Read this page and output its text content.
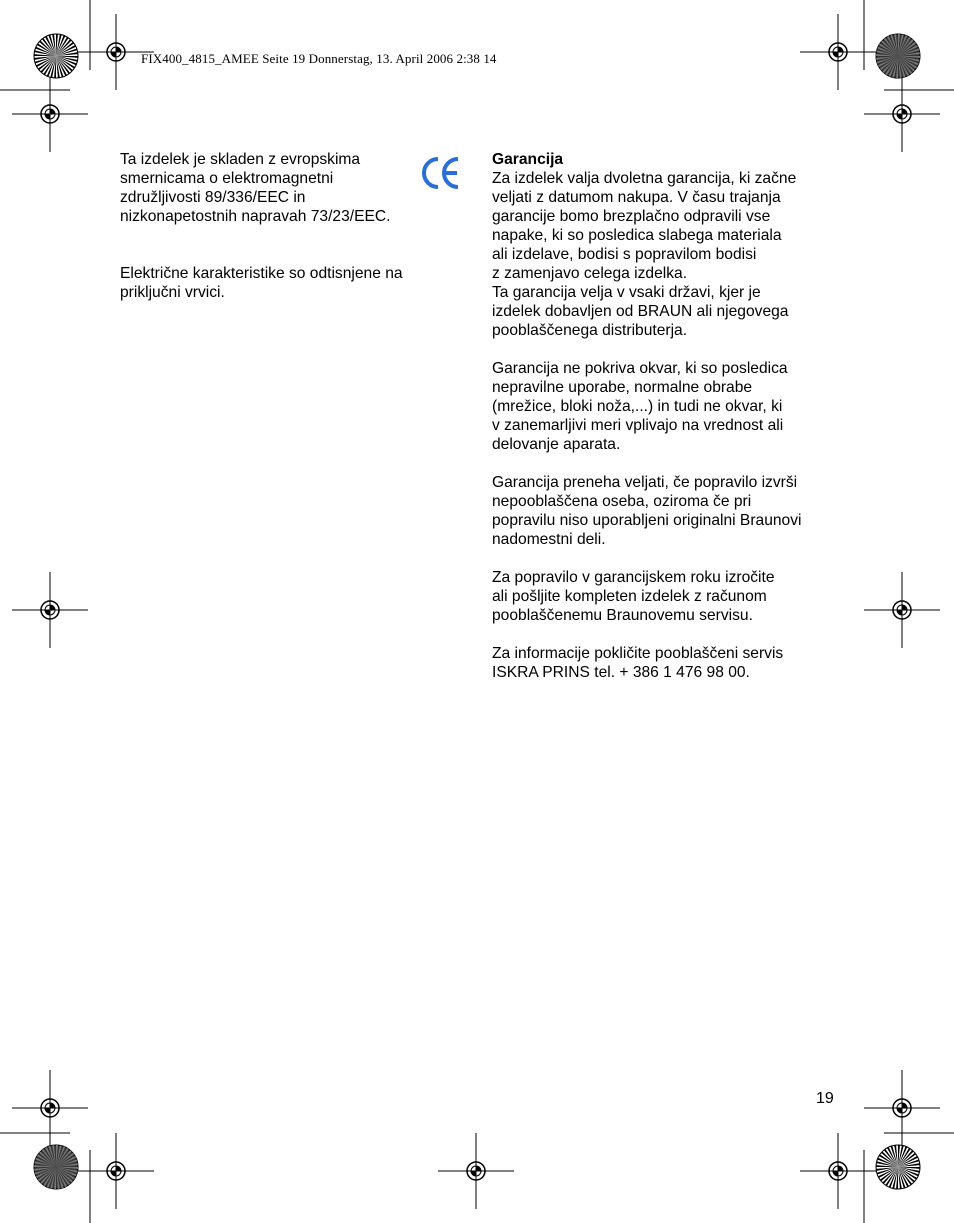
FIX400_4815_AMEE Seite 19 Donnerstag, 13. April 2006 2:38 14

Ta izdelek je skladen z evropskima

smernicama o elektromagnetni

združljivosti 89/336/EEC in

nizkonapetostnih napravah 73/23/EEC.

Električne karakteristike so odtisnjene na

priključni vrvici.

Garancija

Za izdelek valja dvoletna garancija, ki začne

veljati z datumom nakupa. V času trajanja

garancije bomo brezplačno odpravili vse

napake, ki so posledica slabega materiala

ali izdelave, bodisi s popravilom bodisi

z zamenjavo celega izdelka.

Ta garancija velja v vsaki državi, kjer je

izdelek dobavljen od BRAUN ali njegovega

pooblaščenega distributerja.

Garancija ne pokriva okvar, ki so posledica

nepravilne uporabe, normalne obrabe

(mrežice, bloki noža,...) in tudi ne okvar, ki

v zanemarljivi meri vplivajo na vrednost ali

delovanje aparata.

Garancija preneha veljati, če popravilo izvrši

nepooblaščena oseba, oziroma če pri

popravilu niso uporabljeni originalni Braunovi

nadomestni deli.

Za popravilo v garancijskem roku izročite

ali pošljite kompleten izdelek z računom

pooblaščenemu Braunovemu servisu.

Za informacije pokličite pooblaščeni servis

ISKRA PRINS tel. + 386 1 476 98 00.

19
